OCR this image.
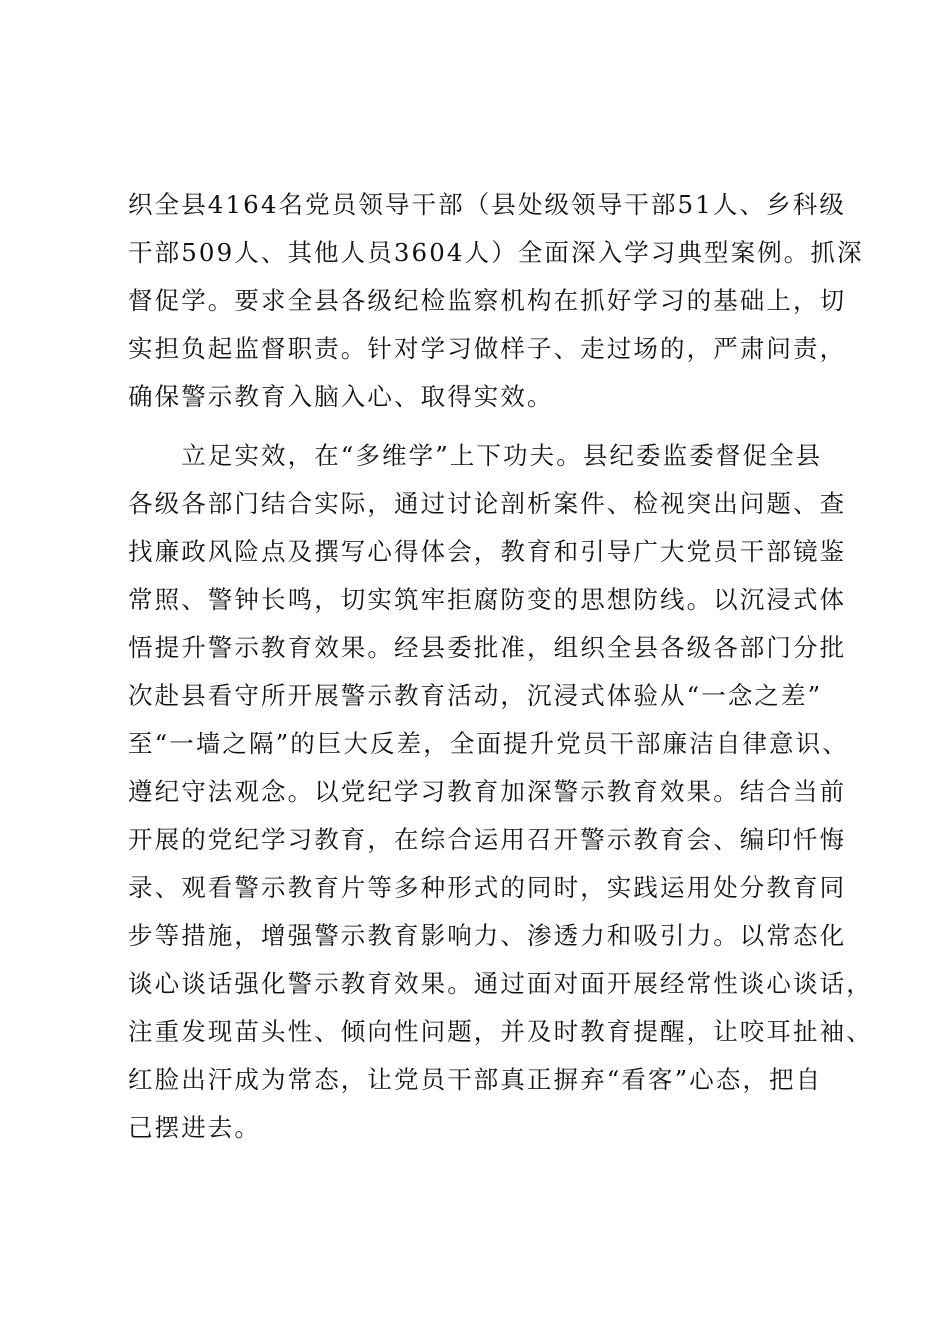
织全县4164名党员领导干部（县处级领导干部51人、乡科级
干部509人、其他人员3604人）全面深入学习典型案例。抓深
督促学。要求全县各级纪检监察机构在抓好学习的基础上，切
实担负起监督职责。针对学习做样子、走过场的，严肃问责，
确保警示教育入脑入心、取得实效。
　　立足实效，在“多维学”上下功夫。县纪委监委督促全县
各级各部门结合实际，通过讨论剖析案件、检视突出问题、查
找廉政风险点及撰写心得体会，教育和引导广大党员干部镜鉴
常照、警钟长鸣，切实筑牢拒腐防变的思想防线。以沉浸式体
悟提升警示教育效果。经县委批准，组织全县各级各部门分批
次赴县看守所开展警示教育活动，沉浸式体验从“一念之差”
至“一墙之隔”的巨大反差，全面提升党员干部廉洁自律意识、
遵纪守法观念。以党纪学习教育加深警示教育效果。结合当前
开展的党纪学习教育，在综合运用召开警示教育会、编印忏悔
录、观看警示教育片等多种形式的同时，实践运用处分教育同
步等措施，增强警示教育影响力、渗透力和吸引力。以常态化
谈心谈话强化警示教育效果。通过面对面开展经常性谈心谈话，
注重发现苗头性、倾向性问题，并及时教育提醒，让咬耳扯袖、
红脸出汗成为常态，让党员干部真正摒弃“看客”心态，把自
己摆进去。
